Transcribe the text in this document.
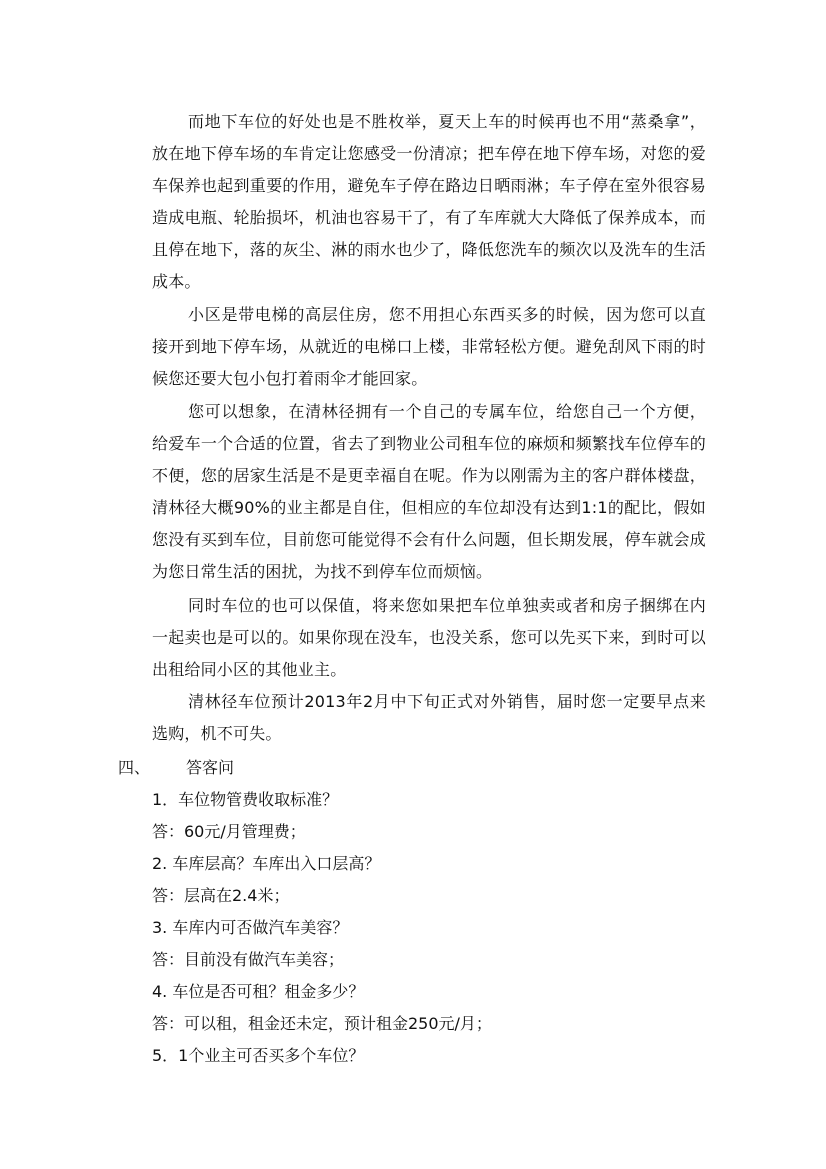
而地下车位的好处也是不胜枚举，夏天上车的时候再也不用“蒸桑拿”，放在地下停车场的车肯定让您感受一份清凉；把车停在地下停车场，对您的爱车保养也起到重要的作用，避免车子停在路边日晒雨淋；车子停在室外很容易造成电瓶、轮胎损坏，机油也容易干了，有了车库就大大降低了保养成本，而且停在地下，落的灰尘、淋的雨水也少了，降低您洗车的频次以及洗车的生活成本。

小区是带电梯的高层住房，您不用担心东西买多的时候，因为您可以直接开到地下停车场，从就近的电梯口上楼，非常轻松方便。避免刮风下雨的时候您还要大包小包打着雨伞才能回家。

您可以想象，在清林径拥有一个自己的专属车位，给您自己一个方便，给爱车一个合适的位置，省去了到物业公司租车位的麻烦和频繁找车位停车的不便，您的居家生活是不是更幸福自在呢。作为以刚需为主的客户群体楼盘，清林径大概90%的业主都是自住，但相应的车位却没有达到1:1的配比，假如您没有买到车位，目前您可能觉得不会有什么问题，但长期发展，停车就会成为您日常生活的困扰，为找不到停车位而烦恼。

同时车位的也可以保值，将来您如果把车位单独卖或者和房子捆绑在内一起卖也是可以的。如果你现在没车，也没关系，您可以先买下来，到时可以出租给同小区的其他业主。

清林径车位预计2013年2月中下旬正式对外销售，届时您一定要早点来选购，机不可失。

四、 答客问
1．车位物管费收取标准？
答：60元/月管理费；
2. 车库层高？车库出入口层高？
答：层高在2.4米；
3. 车库内可否做汽车美容？
答：目前没有做汽车美容；
4. 车位是否可租？租金多少？
答：可以租，租金还未定，预计租金250元/月；
5．1个业主可否买多个车位？
